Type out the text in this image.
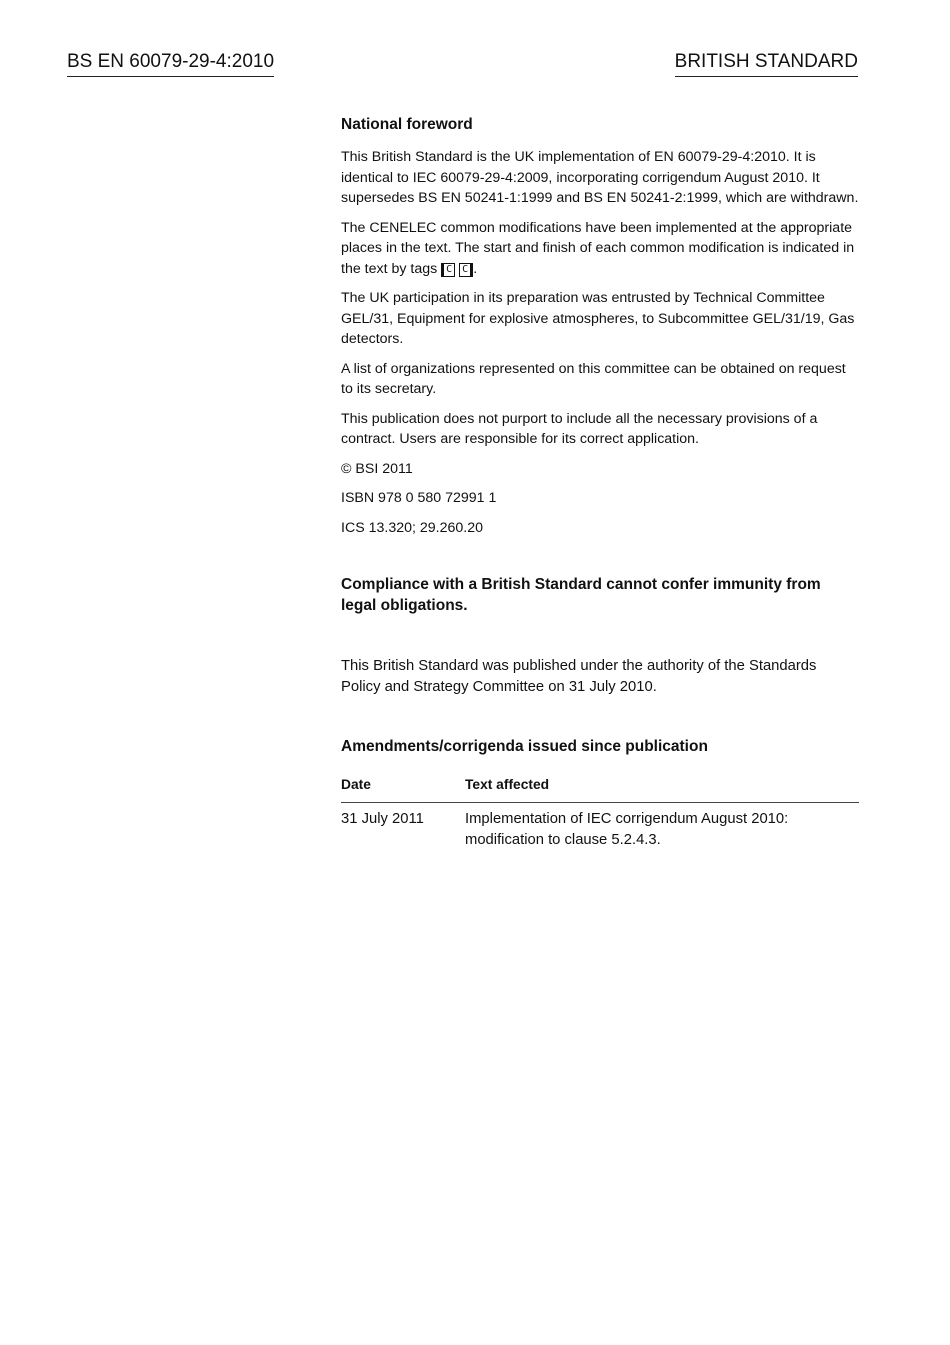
BS EN 60079-29-4:2010	BRITISH STANDARD
National foreword

This British Standard is the UK implementation of EN 60079-29-4:2010. It is identical to IEC 60079-29-4:2009, incorporating corrigendum August 2010. It supersedes BS EN 50241-1:1999 and BS EN 50241-2:1999, which are withdrawn.

The CENELEC common modifications have been implemented at the appropriate places in the text. The start and finish of each common modification is indicated in the text by tags C C .

The UK participation in its preparation was entrusted by Technical Committee GEL/31, Equipment for explosive atmospheres, to Subcommittee GEL/31/19, Gas detectors.

A list of organizations represented on this committee can be obtained on request to its secretary.

This publication does not purport to include all the necessary provisions of a contract. Users are responsible for its correct application.

© BSI 2011

ISBN 978 0 580 72991 1

ICS 13.320; 29.260.20

Compliance with a British Standard cannot confer immunity from legal obligations.

This British Standard was published under the authority of the Standards Policy and Strategy Committee on 31 July 2010.

Amendments/corrigenda issued since publication
Date	Text affected
31 July 2011	Implementation of IEC corrigendum August 2010: modification to clause 5.2.4.3.
